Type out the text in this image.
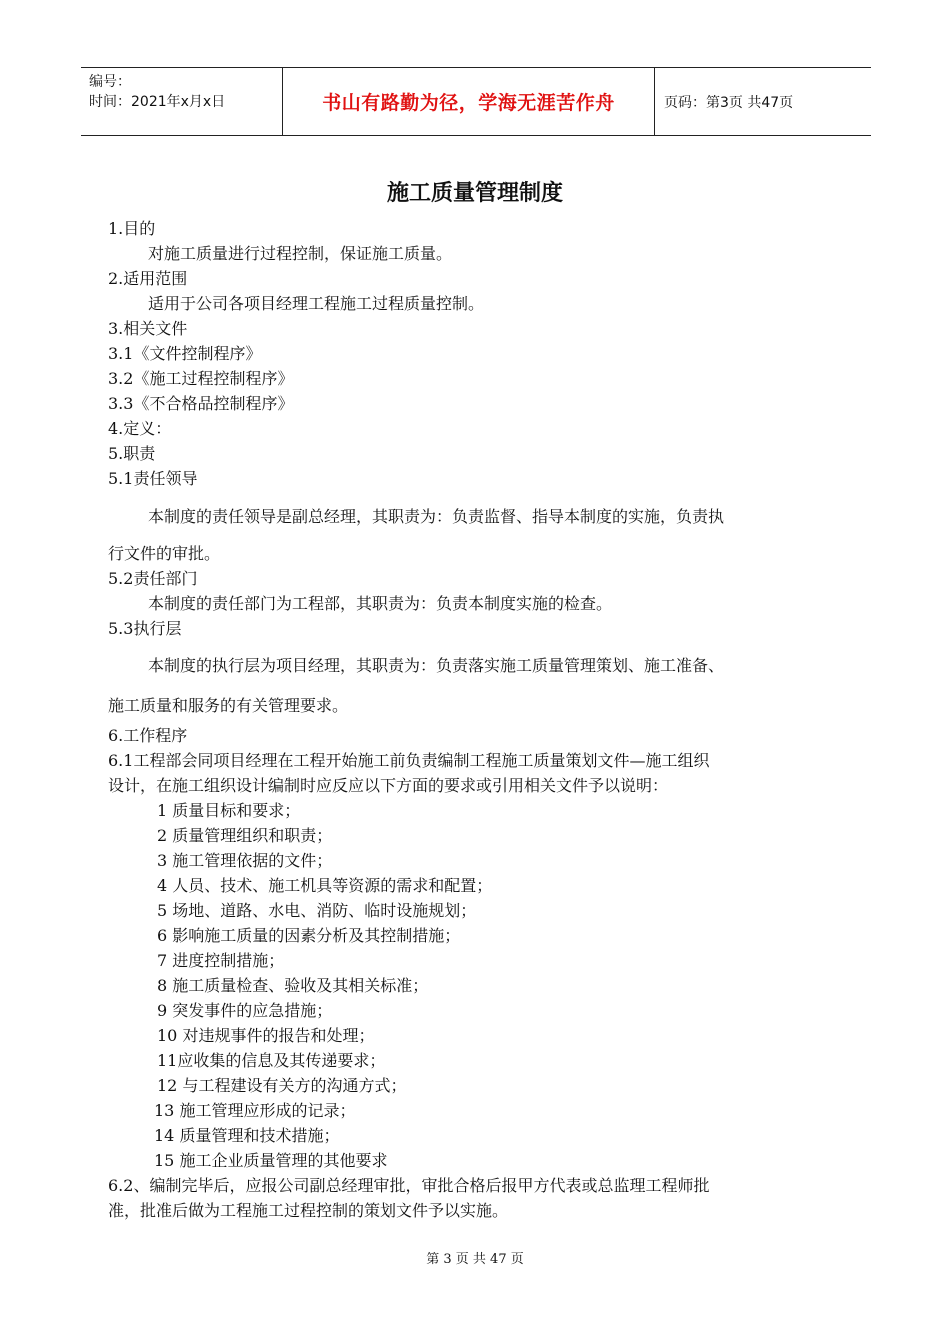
编号：
时间：2021年x月x日	书山有路勤为径，学海无涯苦作舟	页码：第3页 共47页
施工质量管理制度
1.目的
对施工质量进行过程控制，保证施工质量。
2.适用范围
适用于公司各项目经理工程施工过程质量控制。
3.相关文件
3.1《文件控制程序》
3.2《施工过程控制程序》
3.3《不合格品控制程序》
4.定义：
5.职责
5.1责任领导
本制度的责任领导是副总经理，其职责为：负责监督、指导本制度的实施，负责执
行文件的审批。
5.2责任部门
本制度的责任部门为工程部，其职责为：负责本制度实施的检查。
5.3执行层
本制度的执行层为项目经理，其职责为：负责落实施工质量管理策划、施工准备、
施工质量和服务的有关管理要求。
6.工作程序
6.1工程部会同项目经理在工程开始施工前负责编制工程施工质量策划文件—施工组织
设计，在施工组织设计编制时应反应以下方面的要求或引用相关文件予以说明：
1 质量目标和要求；
2 质量管理组织和职责；
3 施工管理依据的文件；
4 人员、技术、施工机具等资源的需求和配置；
5 场地、道路、水电、消防、临时设施规划；
6 影响施工质量的因素分析及其控制措施；
7 进度控制措施；
8 施工质量检查、验收及其相关标准；
9 突发事件的应急措施；
10 对违规事件的报告和处理；
11应收集的信息及其传递要求；
12 与工程建设有关方的沟通方式；
13 施工管理应形成的记录；
14 质量管理和技术措施；
15 施工企业质量管理的其他要求
6.2、编制完毕后，应报公司副总经理审批，审批合格后报甲方代表或总监理工程师批
准，批准后做为工程施工过程控制的策划文件予以实施。
第 3 页 共 47 页
